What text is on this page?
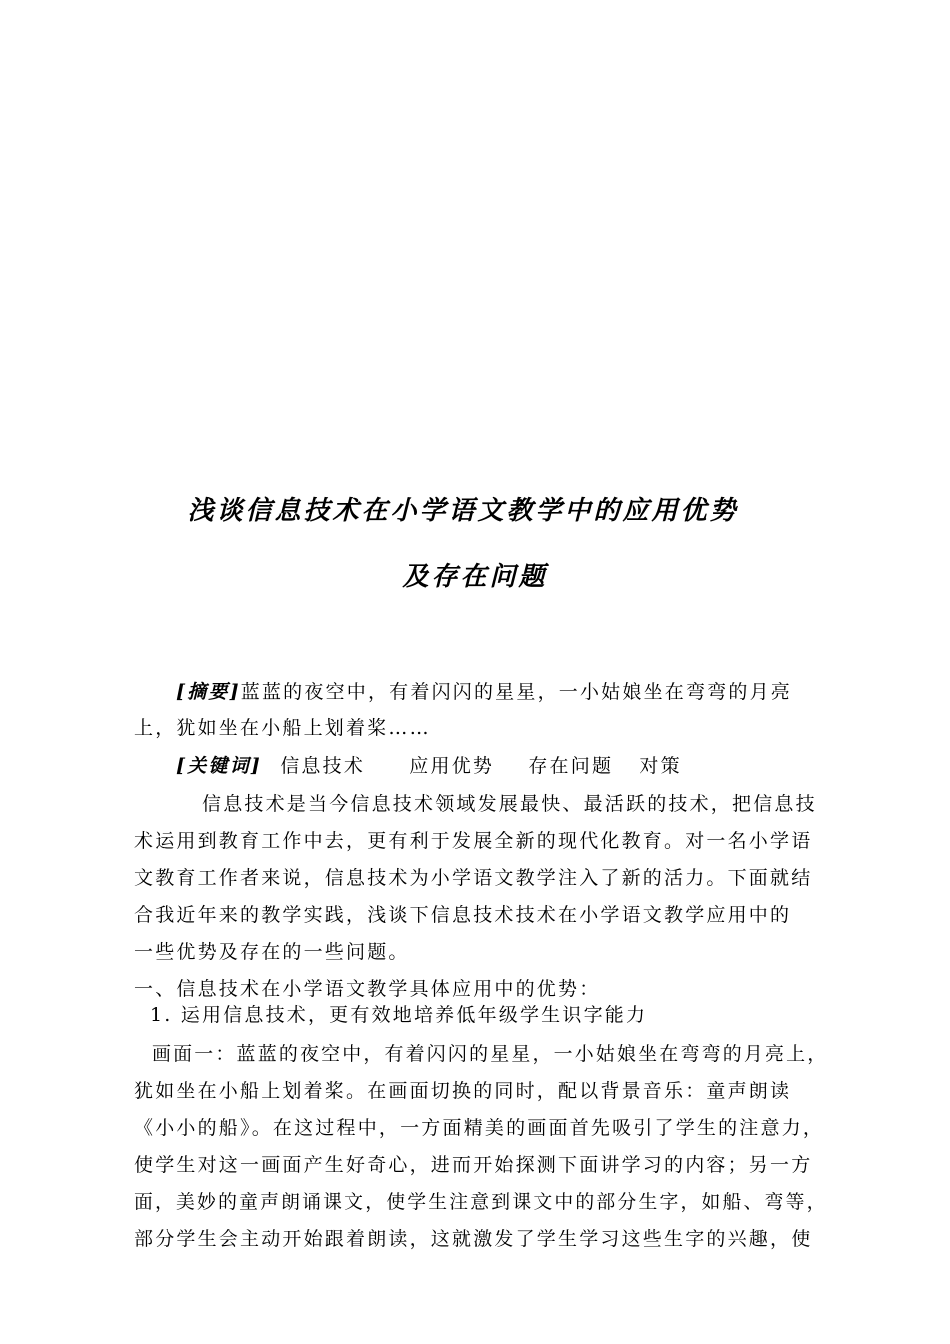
浅谈信息技术在小学语文教学中的应用优势
及存在问题
[摘要]蓝蓝的夜空中，有着闪闪的星星，一小姑娘坐在弯弯的月亮
上，犹如坐在小船上划着桨……
[关键词] 信息技术 应用优势 存在问题 对策
信息技术是当今信息技术领域发展最快、最活跃的技术，把信息技
术运用到教育工作中去，更有利于发展全新的现代化教育。对一名小学语
文教育工作者来说，信息技术为小学语文教学注入了新的活力。下面就结
合我近年来的教学实践，浅谈下信息技术技术在小学语文教学应用中的
一些优势及存在的一些问题。
一、信息技术在小学语文教学具体应用中的优势：
1. 运用信息技术，更有效地培养低年级学生识字能力
画面一：蓝蓝的夜空中，有着闪闪的星星，一小姑娘坐在弯弯的月亮上，
犹如坐在小船上划着桨。在画面切换的同时，配以背景音乐：童声朗读
《小小的船》。在这过程中，一方面精美的画面首先吸引了学生的注意力，
使学生对这一画面产生好奇心，进而开始探测下面讲学习的内容；另一方
面，美妙的童声朗诵课文，使学生注意到课文中的部分生字，如船、弯等，
部分学生会主动开始跟着朗读，这就激发了学生学习这些生字的兴趣，使
